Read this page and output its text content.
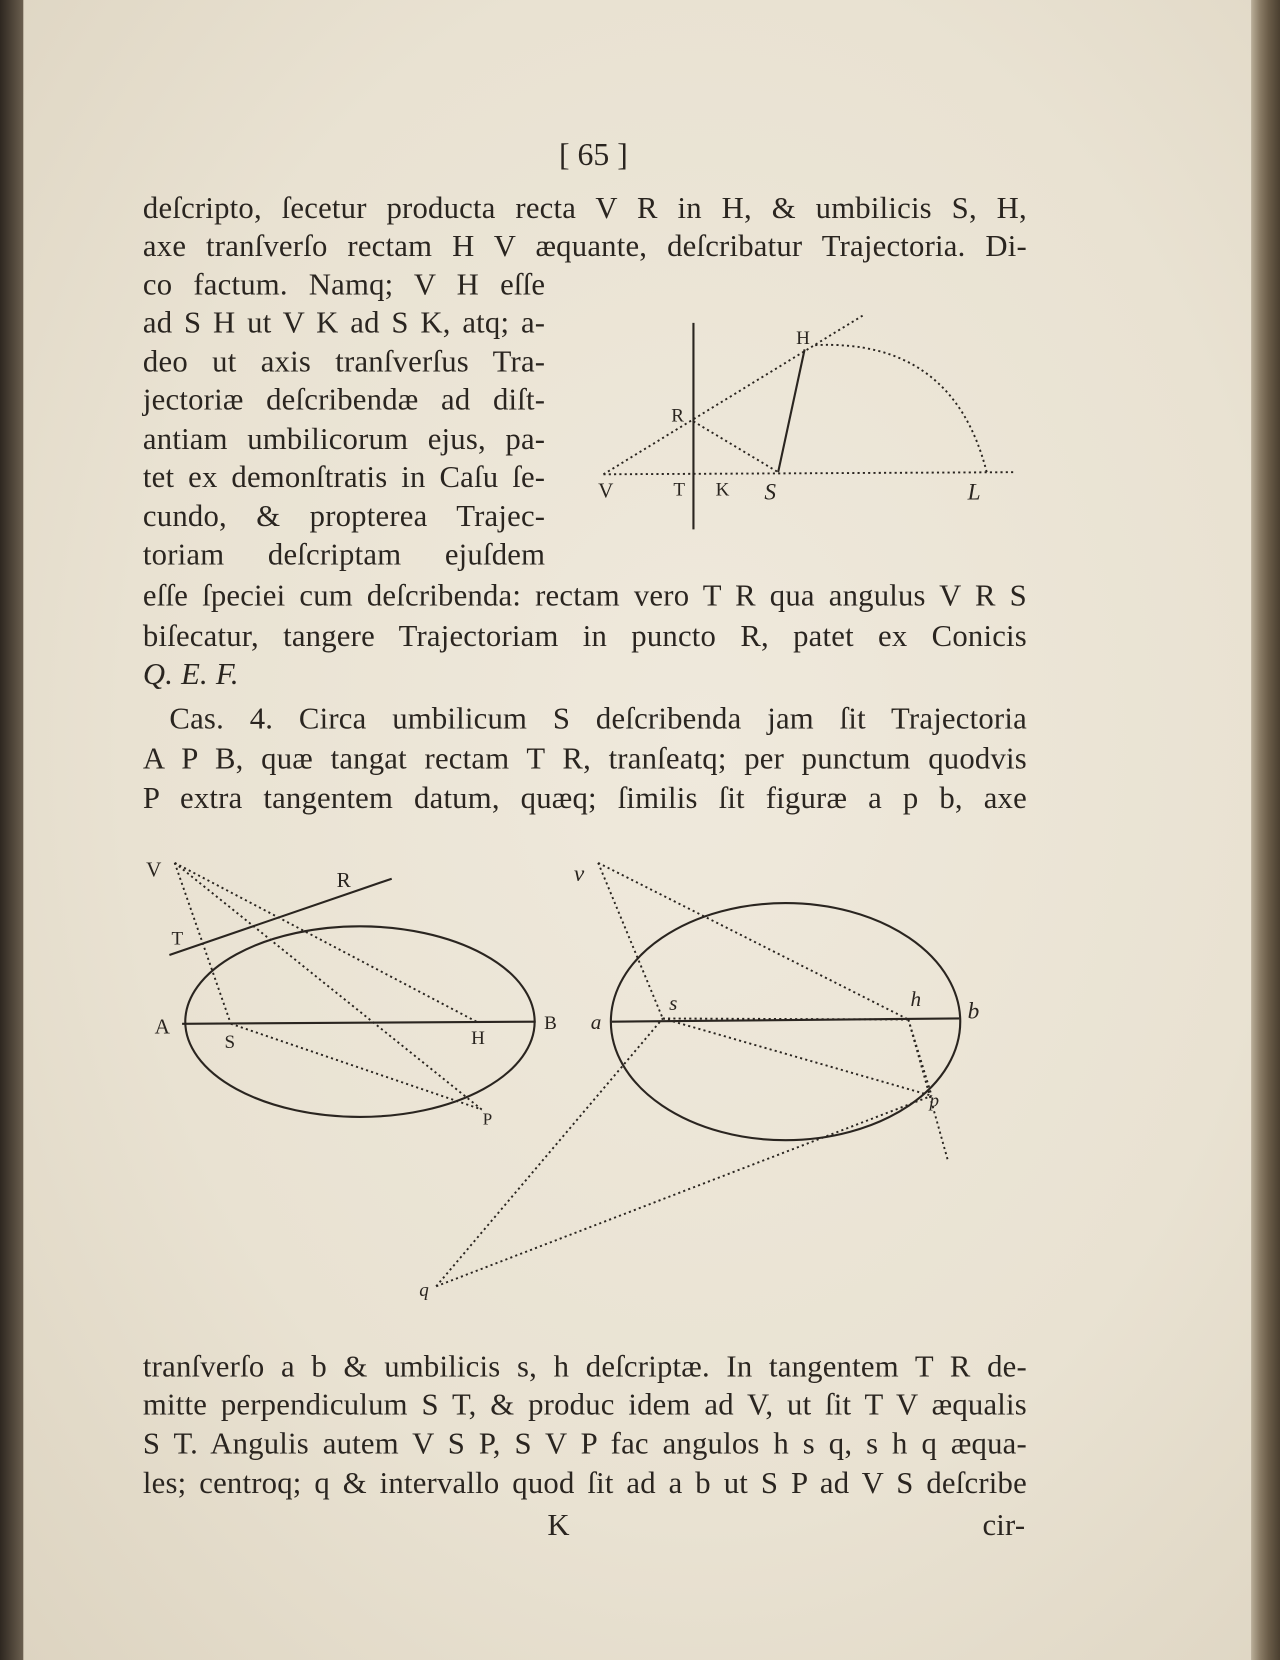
[ 65 ]
deſcripto, ſecetur producta recta V R in H, & umbilicis S, H,
axe tranſverſo rectam H V æquante, deſcribatur Trajectoria. Di-
co factum. Namq; V H eſſe
ad S H ut V K ad S K, atq; a-
deo ut axis tranſverſus Tra-
jectoriæ deſcribendæ ad diſt-
antiam umbilicorum ejus, pa-
tet ex demonſtratis in Caſu ſe-
cundo, & propterea Trajec-
toriam deſcriptam ejuſdem
eſſe ſpeciei cum deſcribenda: rectam vero T R qua angulus V R S
biſecatur, tangere Trajectoriam in puncto R, patet ex Conicis
Q. E. F.
Cas. 4. Circa umbilicum S deſcribenda jam ſit Trajectoria
A P B, quæ tangat rectam T R, tranſeatq; per punctum quodvis
P extra tangentem datum, quæq; ſimilis ſit figuræ a p b, axe
tranſverſo a b & umbilicis s, h deſcriptæ. In tangentem T R de-
mitte perpendiculum S T, & produc idem ad V, ut ſit T V æqualis
S T. Angulis autem V S P, S V P fac angulos h s q, s h q æqua-
les; centroq; q & intervallo quod ſit ad a b ut S P ad V S deſcribe
K	cir-
H
R
V	T K S	L
V	R
T
A
S	H
B
P
v
a
s	h b
p
q
